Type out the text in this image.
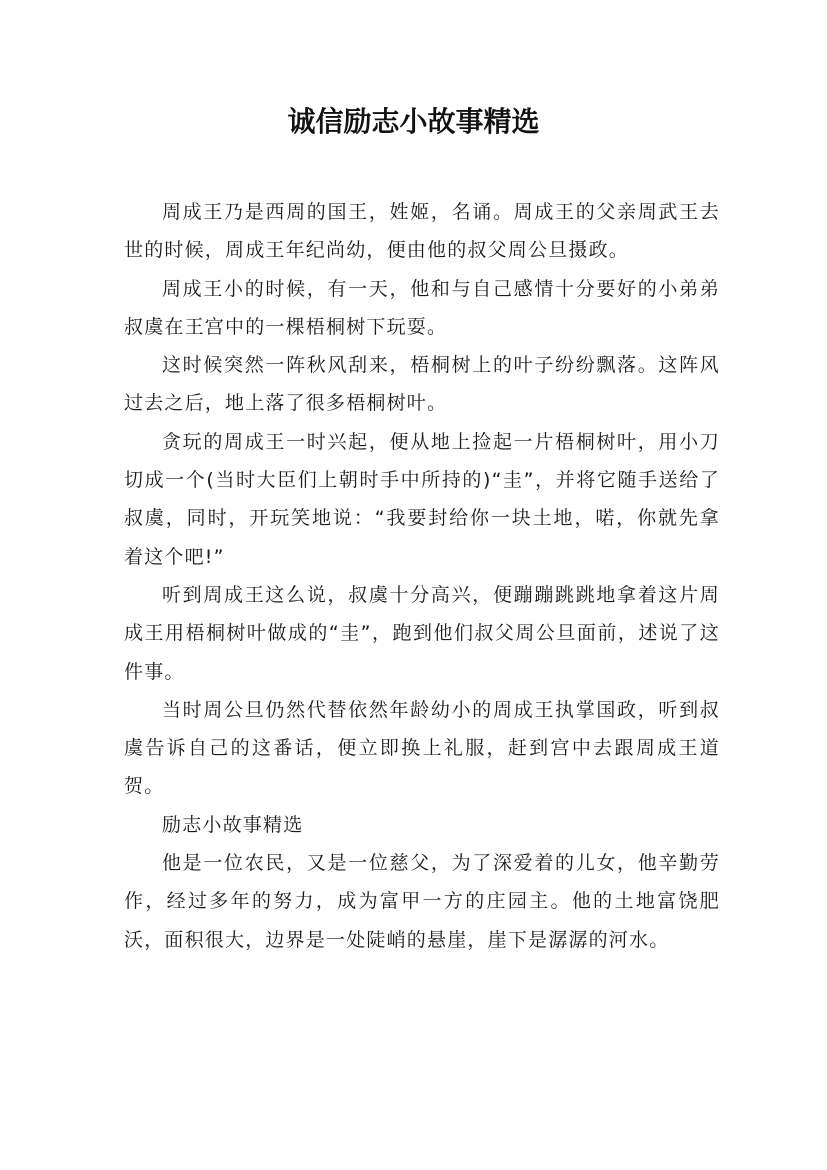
诚信励志小故事精选

周成王乃是西周的国王，姓姬，名诵。周成王的父亲周武王去世的时候，周成王年纪尚幼，便由他的叔父周公旦摄政。

周成王小的时候，有一天，他和与自己感情十分要好的小弟弟叔虞在王宫中的一棵梧桐树下玩耍。

这时候突然一阵秋风刮来，梧桐树上的叶子纷纷飘落。这阵风过去之后，地上落了很多梧桐树叶。

贪玩的周成王一时兴起，便从地上捡起一片梧桐树叶，用小刀切成一个(当时大臣们上朝时手中所持的)“圭”，并将它随手送给了叔虞，同时，开玩笑地说：“我要封给你一块土地，喏，你就先拿着这个吧!”

听到周成王这么说，叔虞十分高兴，便蹦蹦跳跳地拿着这片周成王用梧桐树叶做成的“圭”，跑到他们叔父周公旦面前，述说了这件事。

当时周公旦仍然代替依然年龄幼小的周成王执掌国政，听到叔虞告诉自己的这番话，便立即换上礼服，赶到宫中去跟周成王道贺。

励志小故事精选

他是一位农民，又是一位慈父，为了深爱着的儿女，他辛勤劳作，经过多年的努力，成为富甲一方的庄园主。他的土地富饶肥沃，面积很大，边界是一处陡峭的悬崖，崖下是潺潺的河水。
